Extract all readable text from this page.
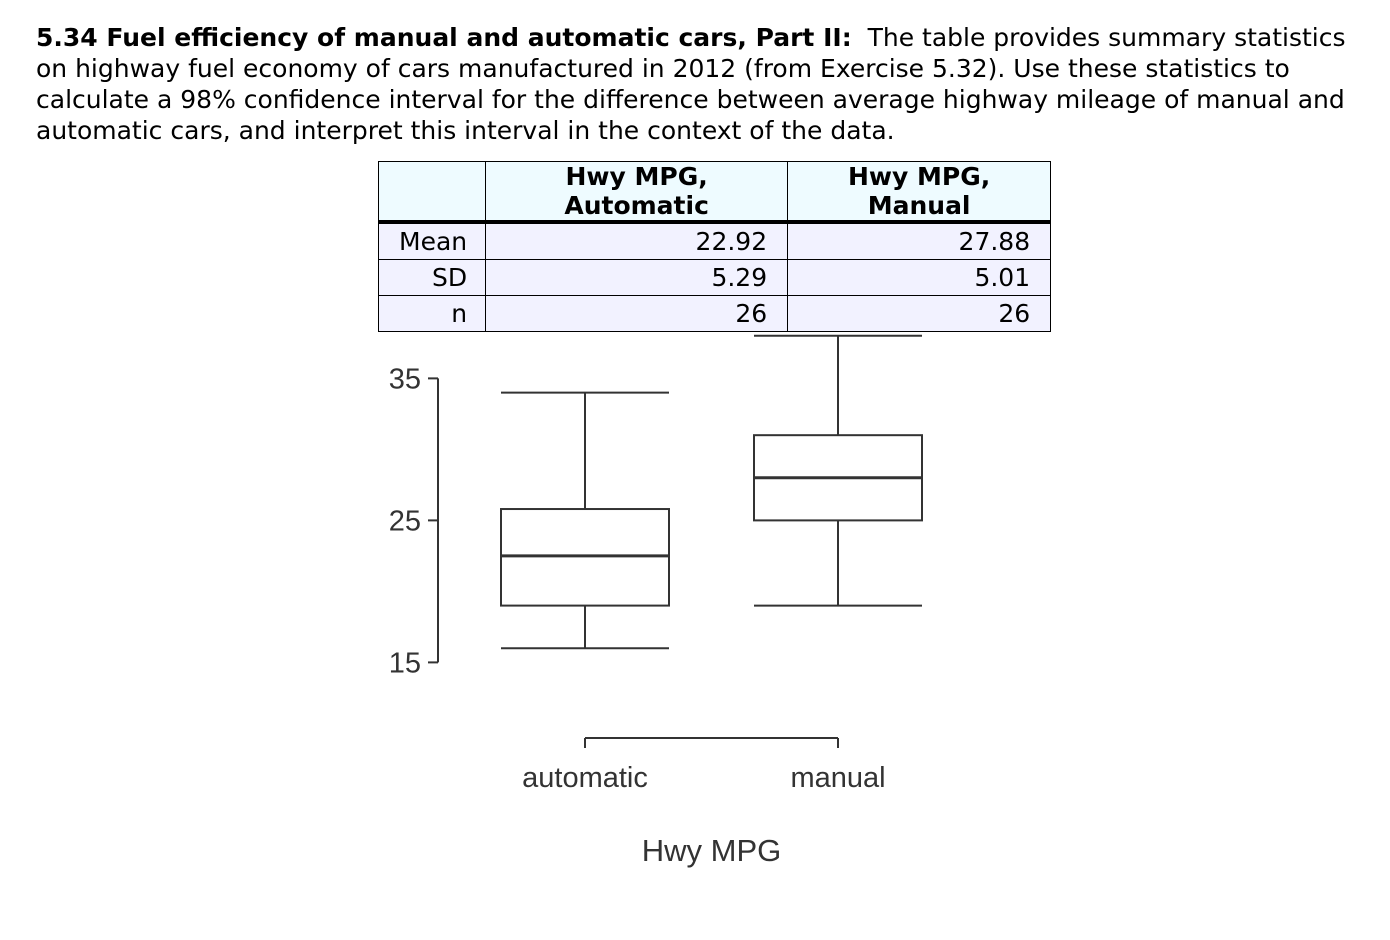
5.34 Fuel efficiency of manual and automatic cars, Part II: The table provides summary statistics on highway fuel economy of cars manufactured in 2012 (from Exercise 5.32). Use these statistics to calculate a 98% confidence interval for the difference between average highway mileage of manual and automatic cars, and interpret this interval in the context of the data.

	Hwy MPG, Automatic	Hwy MPG, Manual
Mean	22.92	27.88
SD	5.29	5.01
n	26	26
15
25
35
automatic	manual
Hwy MPG
